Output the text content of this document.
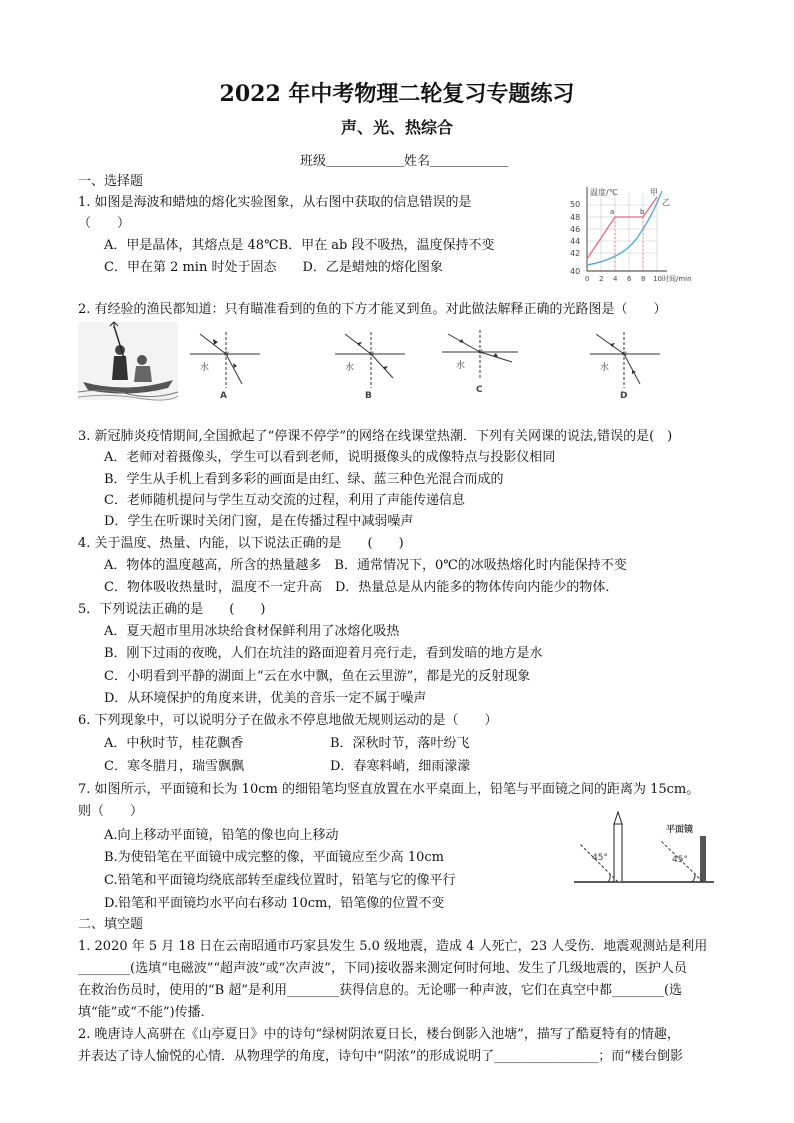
2022 年中考物理二轮复习专题练习
声、光、热综合
班级＿＿＿＿＿＿姓名＿＿＿＿＿＿
一、选择题
1. 如图是海波和蜡烛的熔化实验图象，从右图中获取的信息错误的是
（　　）
A．甲是晶体，其熔点是 48℃B．甲在 ab 段不吸热，温度保持不变
C．甲在第 2 min 时处于固态　　D．乙是蜡烛的熔化图象
温度/℃
时间/min
50
48
46
44
42
40
0 2 4 6 8 10
甲
乙
a	b
2. 有经验的渔民都知道：只有瞄准看到的鱼的下方才能叉到鱼。对此做法解释正确的光路图是（　　）
水
A
水
B
水
C
水
D
3. 新冠肺炎疫情期间,全国掀起了“停课不停学”的网络在线课堂热潮．下列有关网课的说法,错误的是(　)
A．老师对着摄像头，学生可以看到老师，说明摄像头的成像特点与投影仪相同
B．学生从手机上看到多彩的画面是由红、绿、蓝三种色光混合而成的
C．老师随机提问与学生互动交流的过程，利用了声能传递信息
D．学生在听课时关闭门窗，是在传播过程中减弱噪声
4. 关于温度、热量、内能，以下说法正确的是　　(　　)
A．物体的温度越高，所含的热量越多　B．通常情况下，0℃的冰吸热熔化时内能保持不变
C．物体吸收热量时，温度不一定升高　D．热量总是从内能多的物体传向内能少的物体．
5．下列说法正确的是　　(　　)
A．夏天超市里用冰块给食材保鲜利用了冰熔化吸热
B．刚下过雨的夜晚，人们在坑洼的路面迎着月亮行走，看到发暗的地方是水
C．小明看到平静的湖面上“云在水中飘，鱼在云里游”，都是光的反射现象
D．从环境保护的角度来讲，优美的音乐一定不属于噪声
6. 下列现象中，可以说明分子在做永不停息地做无规则运动的是（　　）
A．中秋时节，桂花飘香	B．深秋时节，落叶纷飞
C．寒冬腊月，瑞雪飘飘	D．春寒料峭，细雨濛濛
7. 如图所示，平面镜和长为 10cm 的细铅笔均竖直放置在水平桌面上，铅笔与平面镜之间的距离为 15cm。
则（　　）
A.向上移动平面镜，铅笔的像也向上移动
B.为使铅笔在平面镜中成完整的像，平面镜应至少高 10cm
C.铅笔和平面镜均绕底部转至虚线位置时，铅笔与它的像平行
D.铅笔和平面镜均水平向右移动 10cm，铅笔像的位置不变
45°	45°
平面镜
二、填空题
1. 2020 年 5 月 18 日在云南昭通市巧家县发生 5.0 级地震，造成 4 人死亡，23 人受伤．地震观测站是利用
________(选填“电磁波”“超声波”或“次声波”，下同)接收器来测定何时何地、发生了几级地震的，医护人员
在救治伤员时，使用的“B 超”是利用________获得信息的。无论哪一种声波，它们在真空中都________(选
填“能”或“不能”)传播．
2. 晚唐诗人高骈在《山亭夏日》中的诗句“绿树阴浓夏日长，楼台倒影入池塘”，描写了酷夏特有的情趣，
并表达了诗人愉悦的心情．从物理学的角度，诗句中“阴浓”的形成说明了________________；而“楼台倒影
